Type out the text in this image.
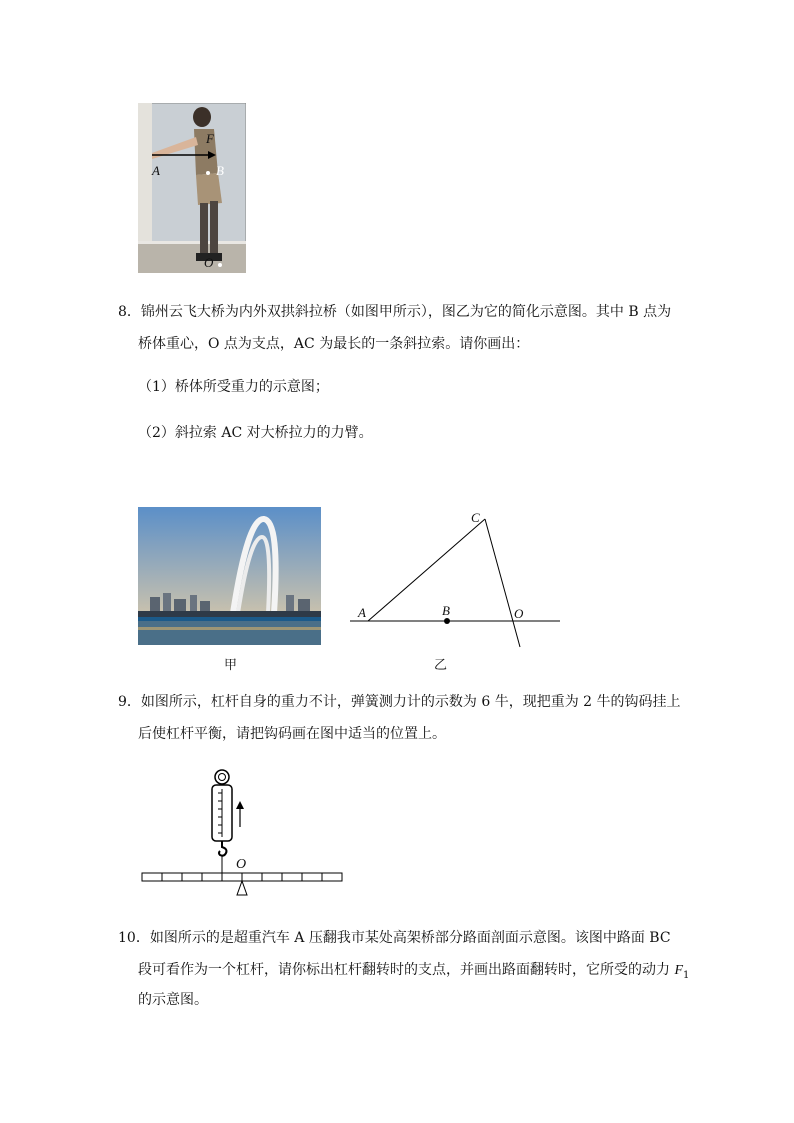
F
A	B
O
8．锦州云飞大桥为内外双拱斜拉桥（如图甲所示），图乙为它的简化示意图。其中 B 点为
桥体重心，O 点为支点，AC 为最长的一条斜拉索。请你画出：
（1）桥体所受重力的示意图；
（2）斜拉索 AC 对大桥拉力的力臂。
甲
A	B
C
O
乙
9．如图所示，杠杆自身的重力不计，弹簧测力计的示数为 6 牛，现把重为 2 牛的钩码挂上
后使杠杆平衡，请把钩码画在图中适当的位置上。
O
10．如图所示的是超重汽车 A 压翻我市某处高架桥部分路面剖面示意图。该图中路面 BC
段可看作为一个杠杆，请你标出杠杆翻转时的支点，并画出路面翻转时，它所受的动力 $F_1$
的示意图。
